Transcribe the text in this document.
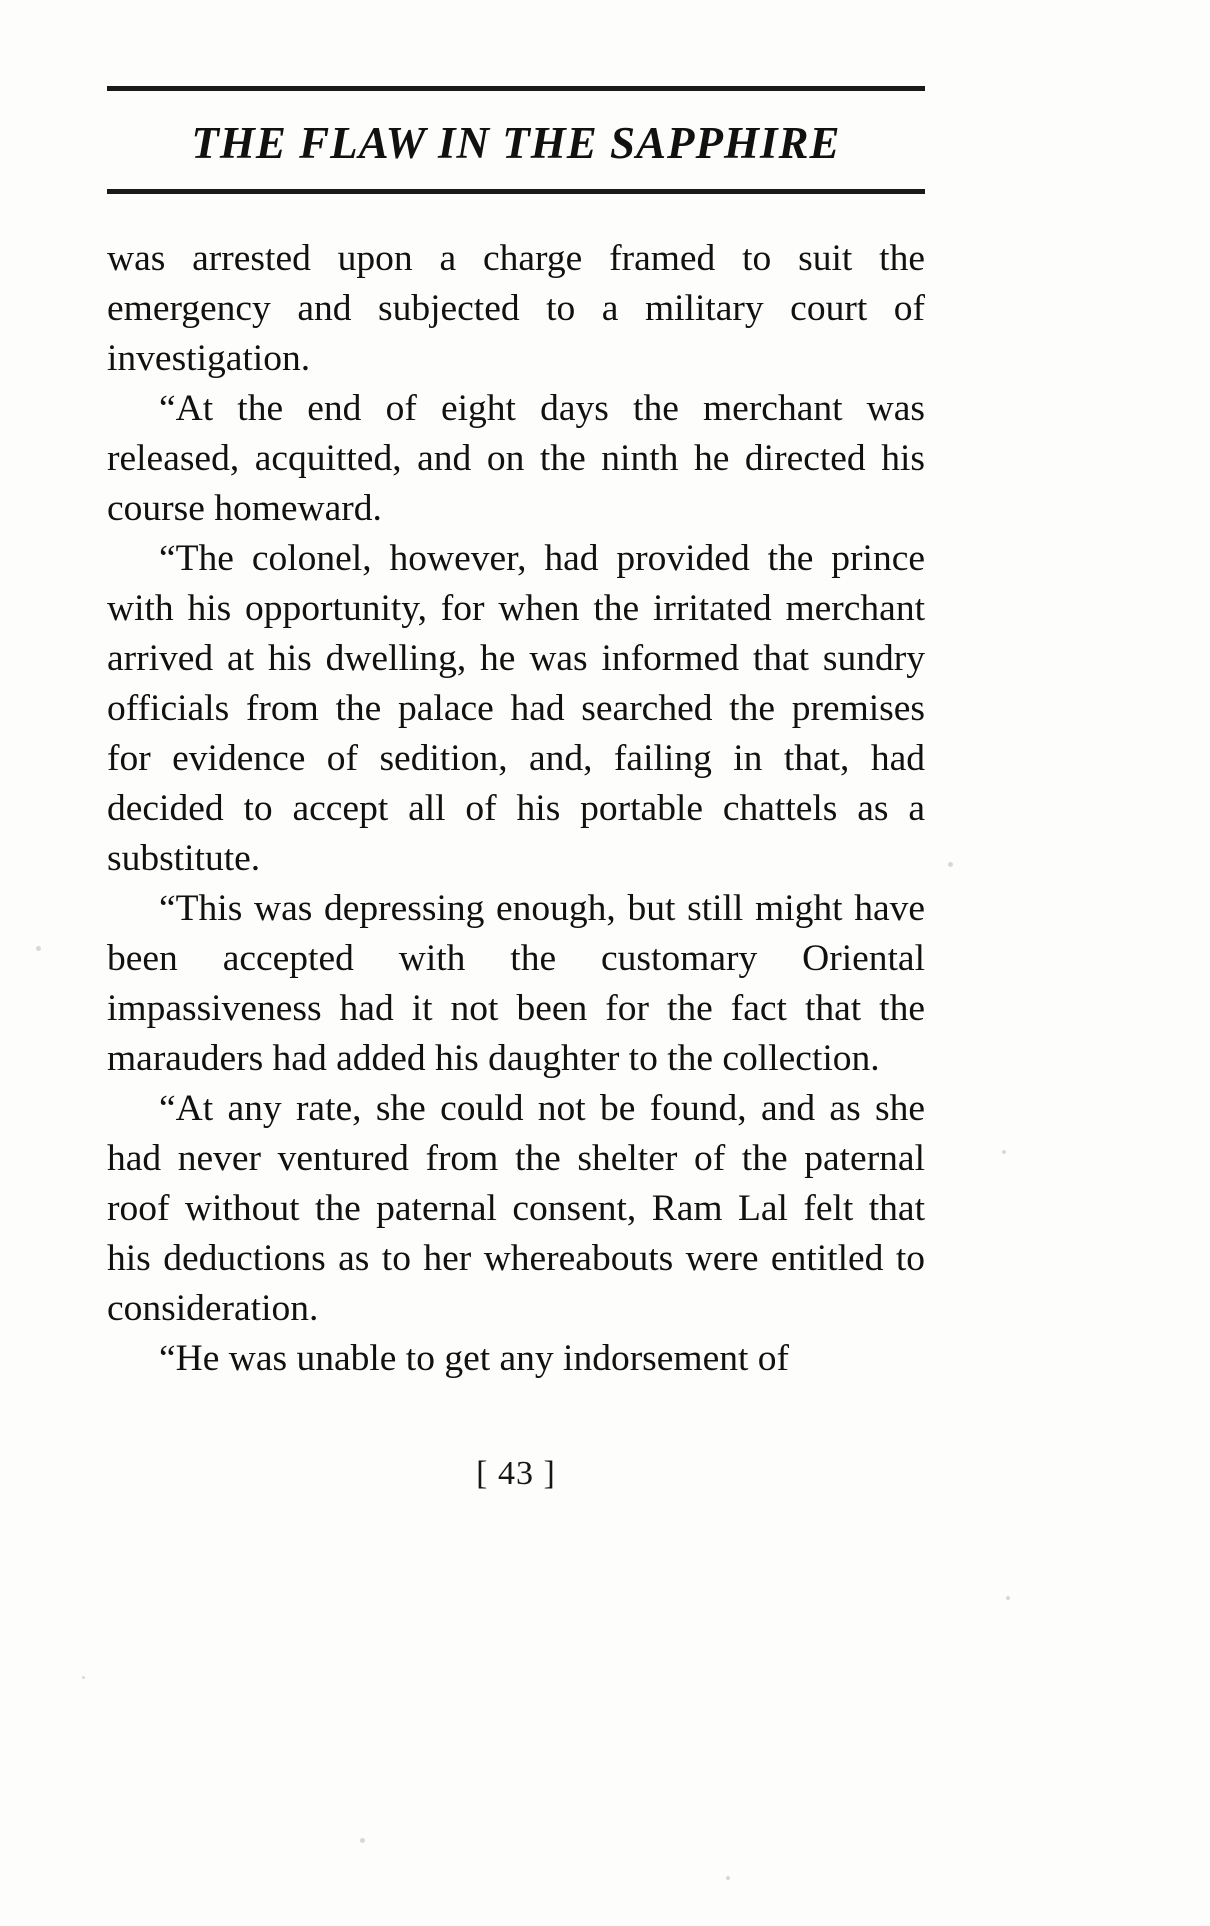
THE FLAW IN THE SAPPHIRE

was arrested upon a charge framed to suit the emergency and subjected to a military court of investigation.

“At the end of eight days the merchant was released, acquitted, and on the ninth he directed his course homeward.

“The colonel, however, had provided the prince with his opportunity, for when the irritated merchant arrived at his dwelling, he was informed that sundry officials from the palace had searched the premises for evidence of sedition, and, failing in that, had decided to accept all of his portable chattels as a substitute.

“This was depressing enough, but still might have been accepted with the customary Oriental impassiveness had it not been for the fact that the marauders had added his daughter to the collection.

“At any rate, she could not be found, and as she had never ventured from the shelter of the paternal roof without the paternal consent, Ram Lal felt that his deductions as to her whereabouts were entitled to consideration.

“He was unable to get any indorsement of

[ 43 ]
